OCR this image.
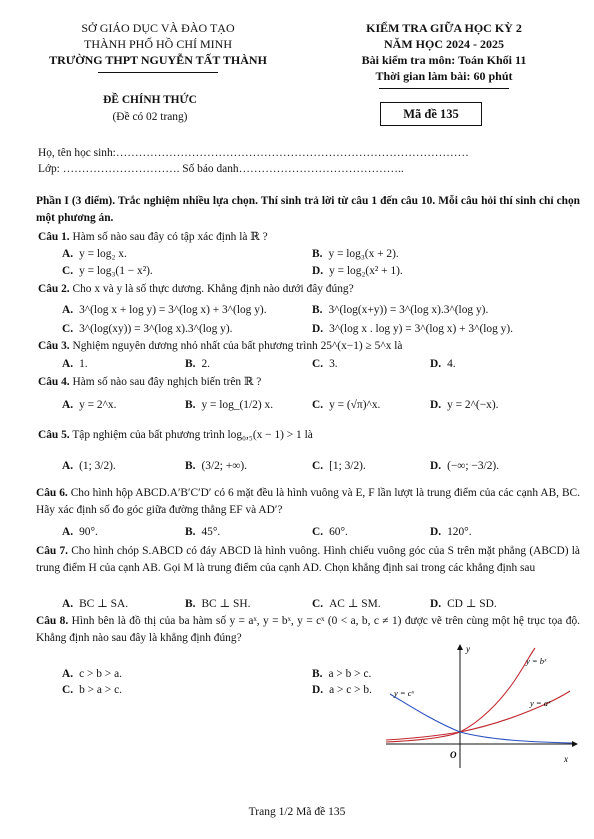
SỞ GIÁO DỤC VÀ ĐÀO TẠO
THÀNH PHỐ HỒ CHÍ MINH
TRƯỜNG THPT NGUYỄN TẤT THÀNH
KIỂM TRA GIỮA HỌC KỲ 2
NĂM HỌC 2024 - 2025
Bài kiểm tra môn: Toán Khối 11
Thời gian làm bài: 60 phút
ĐỀ CHÍNH THỨC
(Đề có 02 trang)	Mã đề 135
Họ, tên học sinh:…………………………………………………………………………………
Lớp: …………………………. Số báo danh……………………………………..
Phần I (3 điểm). Trắc nghiệm nhiều lựa chọn. Thí sinh trả lời từ câu 1 đến câu 10. Mỗi câu hỏi thí sinh chỉ chọn một phương án.
Câu 1. Hàm số nào sau đây có tập xác định là ℝ ?
A. y = log₂ x.	B. y = log₃(x + 2).
C. y = log₃(1 − x²).	D. y = log₂(x² + 1).
Câu 2. Cho x và y là số thực dương. Khẳng định nào dưới đây đúng?
A. 3^(log x + log y) = 3^(log x) + 3^(log y).	B. 3^(log(x+y)) = 3^(log x).3^(log y).
C. 3^(log(xy)) = 3^(log x).3^(log y).	D. 3^(log x . log y) = 3^(log x) + 3^(log y).
Câu 3. Nghiệm nguyên dương nhỏ nhất của bất phương trình 25^(x−1) ≥ 5^x là
A. 1.	B. 2.	C. 3.	D. 4.
Câu 4. Hàm số nào sau đây nghịch biến trên ℝ ?
A. y = 2^x.	B. y = log_(1/2) x.	C. y = (√π)^x.	D. y = 2^(−x).
Câu 5. Tập nghiệm của bất phương trình log₀,₅(x − 1) > 1 là
A. (1; 3/2).	B. (3/2; +∞).	C. [1; 3/2).	D. (−∞; −3/2).
Câu 6. Cho hình hộp ABCD.A′B′C′D′ có 6 mặt đều là hình vuông và E, F lần lượt là trung điểm của các cạnh AB, BC. Hãy xác định số đo góc giữa đường thẳng EF và AD′?
A. 90°.	B. 45°.	C. 60°.	D. 120°.
Câu 7. Cho hình chóp S.ABCD có đáy ABCD là hình vuông. Hình chiếu vuông góc của S trên mặt phẳng (ABCD) là trung điểm H của cạnh AB. Gọi M là trung điểm của cạnh AD. Chọn khẳng định sai trong các khẳng định sau
A. BC ⊥ SA.	B. BC ⊥ SH.	C. AC ⊥ SM.	D. CD ⊥ SD.
Câu 8. Hình bên là đồ thị của ba hàm số y = aˣ, y = bˣ, y = cˣ (0 < a, b, c ≠ 1) được vẽ trên cùng một hệ trục tọa độ. Khẳng định nào sau đây là khẳng định đúng?
A. c > b > a.	B. a > b > c.
C. b > a > c.	D. a > c > b.
y
x
O
y = bˣ
y = aˣ
y = cˣ
Trang 1/2 Mã đề 135
